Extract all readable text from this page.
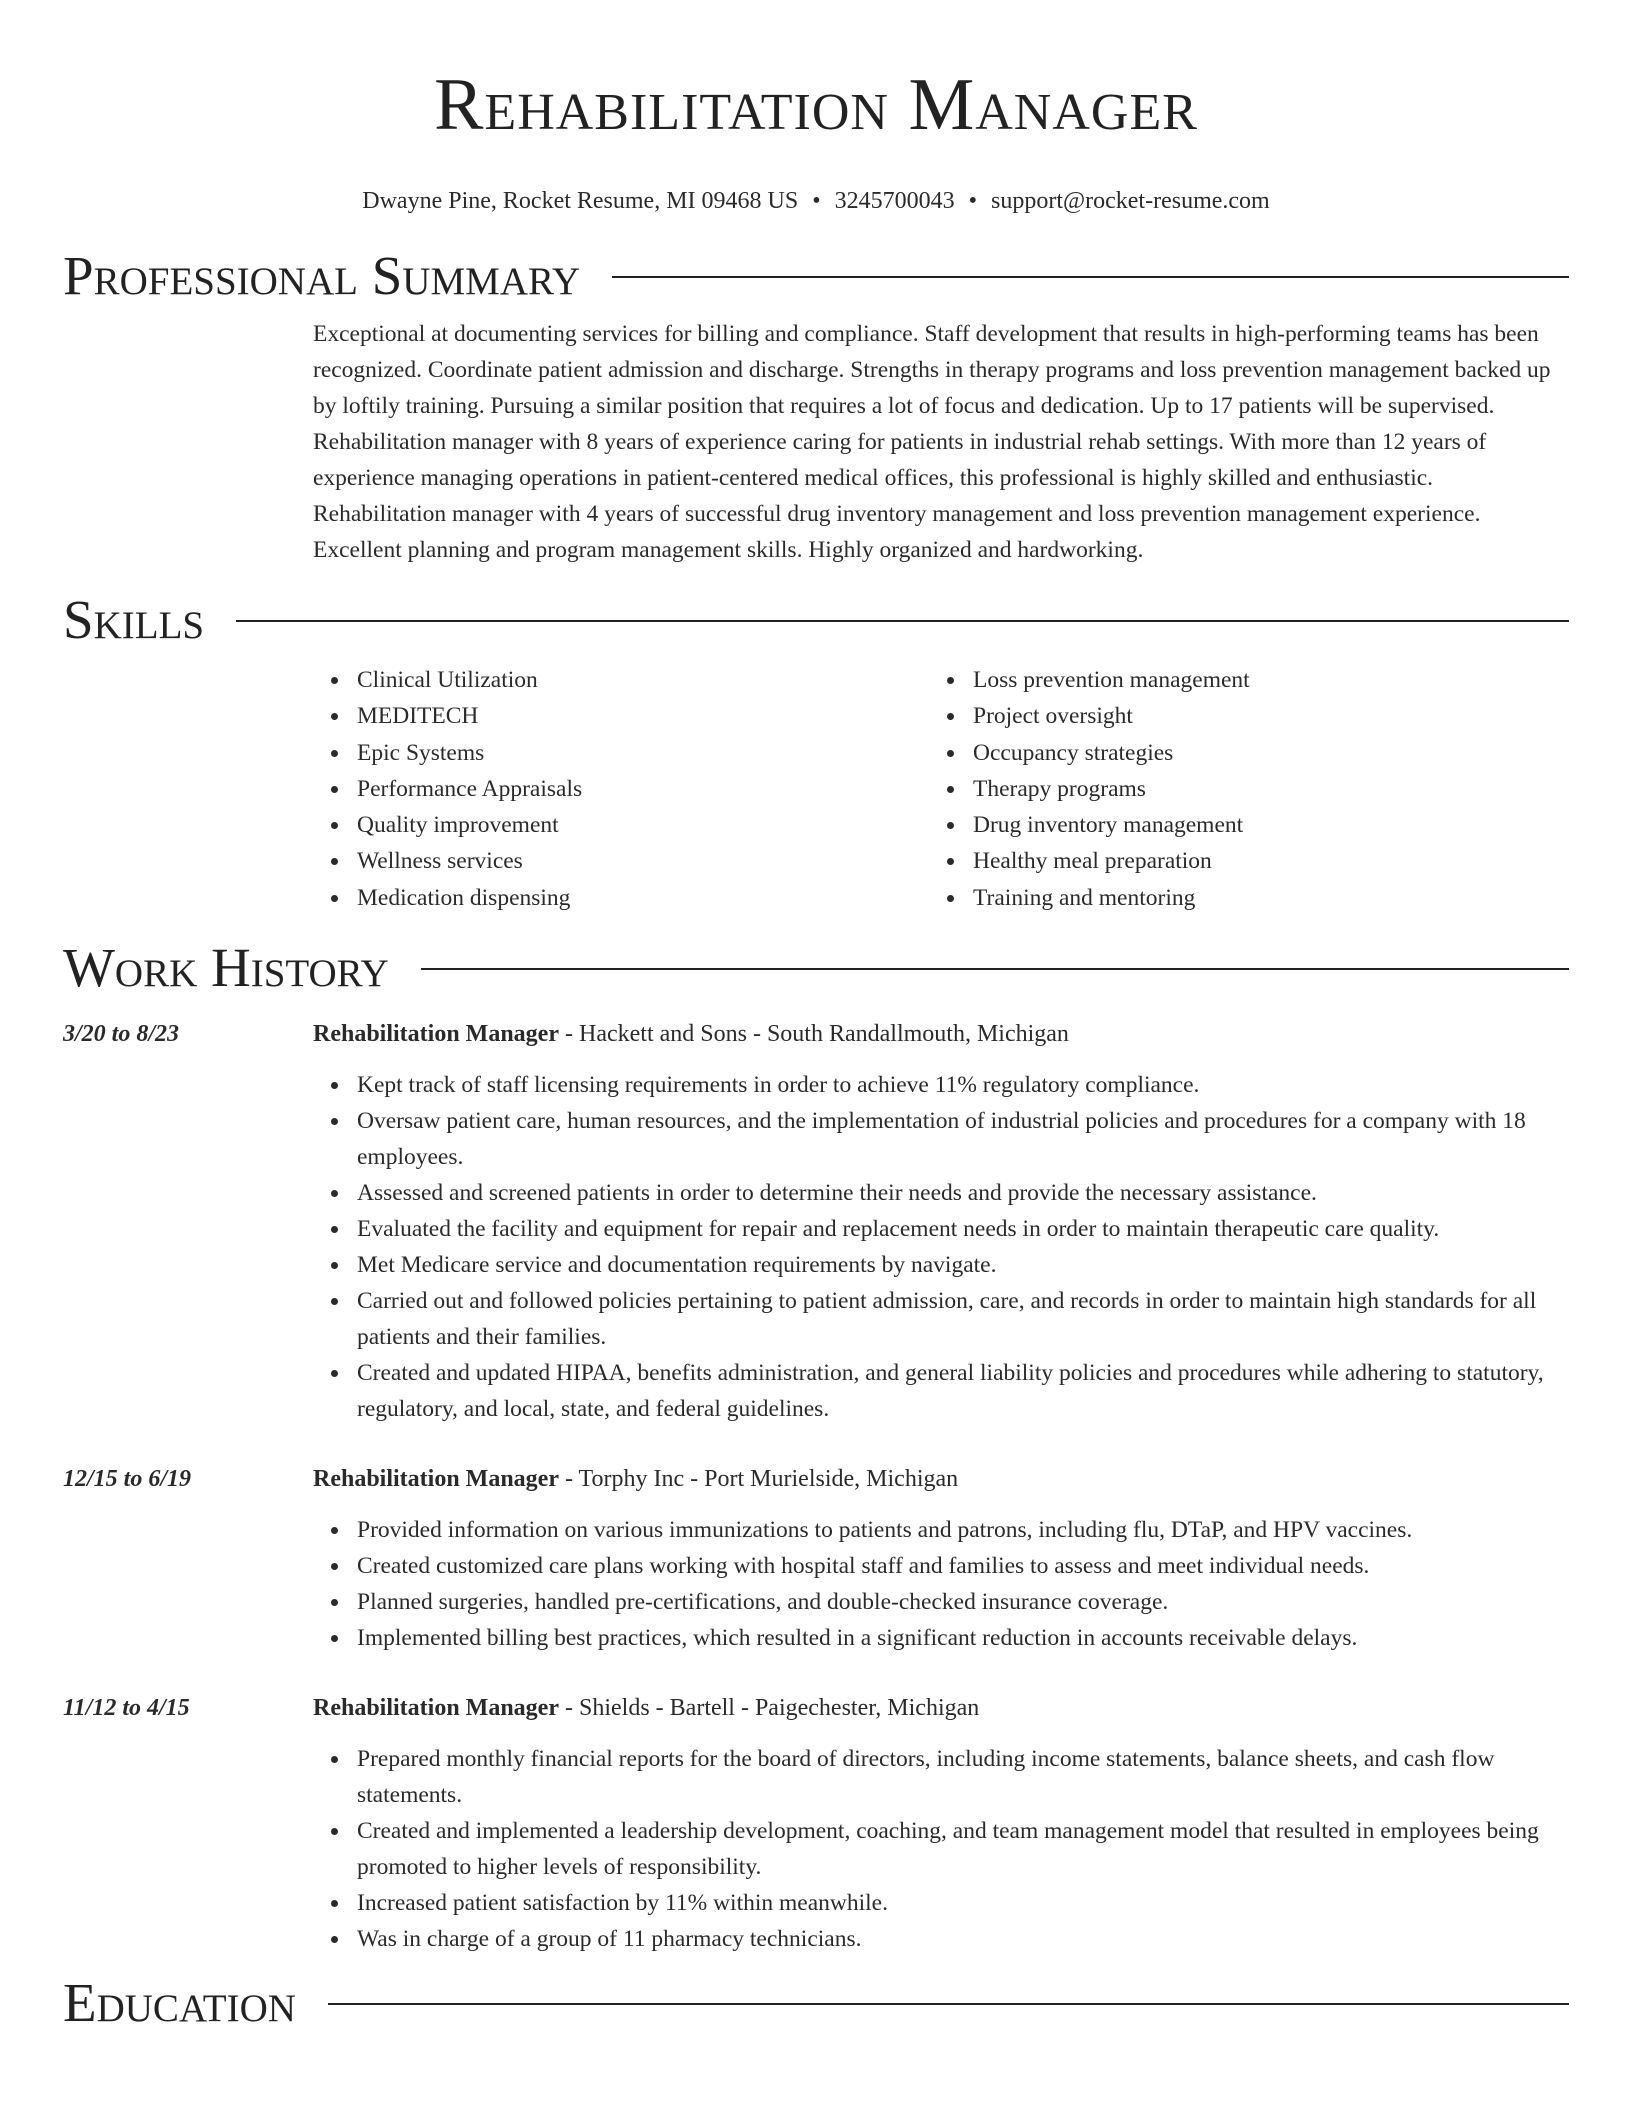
Rehabilitation Manager
Dwayne Pine, Rocket Resume, MI 09468 US • 3245700043 • support@rocket-resume.com
Professional Summary
Exceptional at documenting services for billing and compliance. Staff development that results in high-performing teams has been recognized. Coordinate patient admission and discharge. Strengths in therapy programs and loss prevention management backed up by loftily training. Pursuing a similar position that requires a lot of focus and dedication. Up to 17 patients will be supervised. Rehabilitation manager with 8 years of experience caring for patients in industrial rehab settings. With more than 12 years of experience managing operations in patient-centered medical offices, this professional is highly skilled and enthusiastic. Rehabilitation manager with 4 years of successful drug inventory management and loss prevention management experience. Excellent planning and program management skills. Highly organized and hardworking.
Skills
Clinical Utilization
MEDITECH
Epic Systems
Performance Appraisals
Quality improvement
Wellness services
Medication dispensing
Loss prevention management
Project oversight
Occupancy strategies
Therapy programs
Drug inventory management
Healthy meal preparation
Training and mentoring
Work History
3/20 to 8/23	Rehabilitation Manager - Hackett and Sons - South Randallmouth, Michigan
Kept track of staff licensing requirements in order to achieve 11% regulatory compliance.
Oversaw patient care, human resources, and the implementation of industrial policies and procedures for a company with 18 employees.
Assessed and screened patients in order to determine their needs and provide the necessary assistance.
Evaluated the facility and equipment for repair and replacement needs in order to maintain therapeutic care quality.
Met Medicare service and documentation requirements by navigate.
Carried out and followed policies pertaining to patient admission, care, and records in order to maintain high standards for all patients and their families.
Created and updated HIPAA, benefits administration, and general liability policies and procedures while adhering to statutory, regulatory, and local, state, and federal guidelines.
12/15 to 6/19	Rehabilitation Manager - Torphy Inc - Port Murielside, Michigan
Provided information on various immunizations to patients and patrons, including flu, DTaP, and HPV vaccines.
Created customized care plans working with hospital staff and families to assess and meet individual needs.
Planned surgeries, handled pre-certifications, and double-checked insurance coverage.
Implemented billing best practices, which resulted in a significant reduction in accounts receivable delays.
11/12 to 4/15	Rehabilitation Manager - Shields - Bartell - Paigechester, Michigan
Prepared monthly financial reports for the board of directors, including income statements, balance sheets, and cash flow statements.
Created and implemented a leadership development, coaching, and team management model that resulted in employees being promoted to higher levels of responsibility.
Increased patient satisfaction by 11% within meanwhile.
Was in charge of a group of 11 pharmacy technicians.
Education
